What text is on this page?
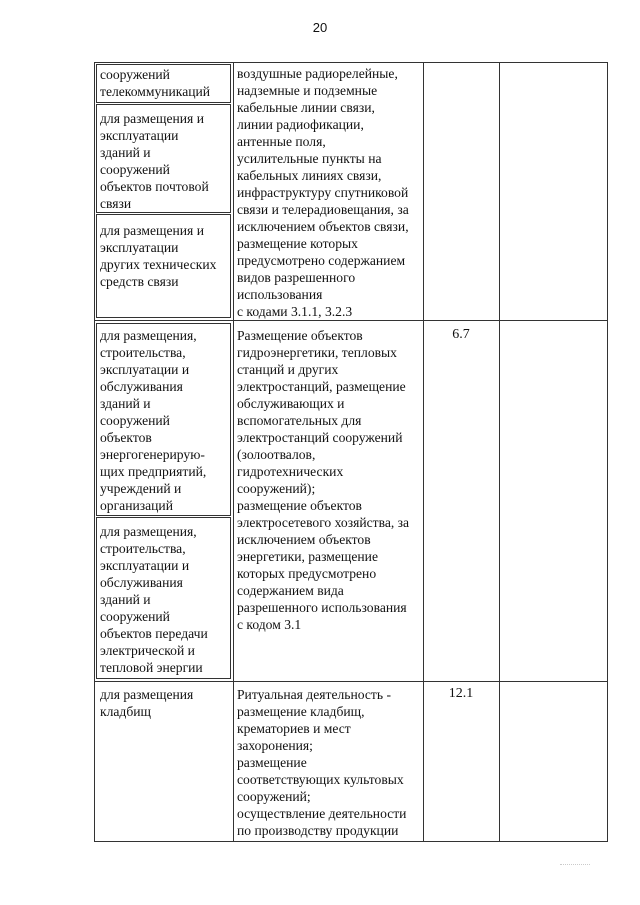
20
сооружений
телекоммуникаций
для размещения и
эксплуатации
зданий и
сооружений
объектов почтовой
связи
для размещения и
эксплуатации
других технических
средств связи
воздушные радиорелейные,
надземные и подземные
кабельные линии связи,
линии радиофикации,
антенные поля,
усилительные пункты на
кабельных линиях связи,
инфраструктуру спутниковой
связи и телерадиовещания, за
исключением объектов связи,
размещение которых
предусмотрено содержанием
видов разрешенного
использования
с кодами 3.1.1, 3.2.3
для размещения,
строительства,
эксплуатации и
обслуживания
зданий и
сооружений
объектов
энергогенерирую-
щих предприятий,
учреждений и
организаций
для размещения,
строительства,
эксплуатации и
обслуживания
зданий и
сооружений
объектов передачи
электрической и
тепловой энергии
Размещение объектов
гидроэнергетики, тепловых
станций и других
электростанций, размещение
обслуживающих и
вспомогательных для
электростанций сооружений
(золоотвалов,
гидротехнических
сооружений);
размещение объектов
электросетевого хозяйства, за
исключением объектов
энергетики, размещение
которых предусмотрено
содержанием вида
разрешенного использования
с кодом 3.1
6.7
для размещения
кладбищ
Ритуальная деятельность -
размещение кладбищ,
крематориев и мест
захоронения;
размещение
соответствующих культовых
сооружений;
осуществление деятельности
по производству продукции
12.1
